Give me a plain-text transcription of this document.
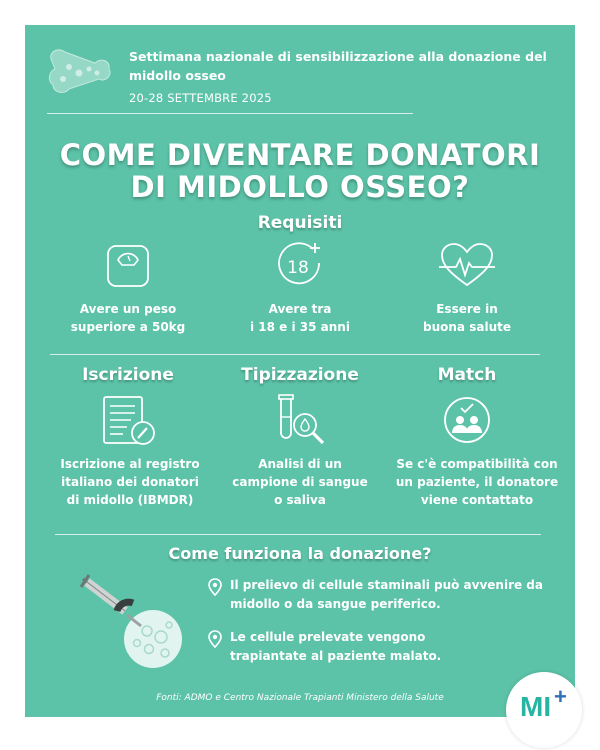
Settimana nazionale di sensibilizzazione alla donazione del midollo osseo
20-28 SETTEMBRE 2025
COME DIVENTARE DONATORI
DI MIDOLLO OSSEO?
Requisiti
18
Avere un peso
superiore a 50kg
Avere tra
i 18 e i 35 anni
Essere in
buona salute
Iscrizione	Tipizzazione	Match
Iscrizione al registro
italiano dei donatori
di midollo (IBMDR)
Analisi di un
campione di sangue
o saliva
Se c'è compatibilità con
un paziente, il donatore
viene contattato
Come funziona la donazione?
Il prelievo di cellule staminali può avvenire da
midollo o da sangue periferico.
Le cellule prelevate vengono
trapiantate al paziente malato.
Fonti: ADMO e Centro Nazionale Trapianti Ministero della Salute	MI +
